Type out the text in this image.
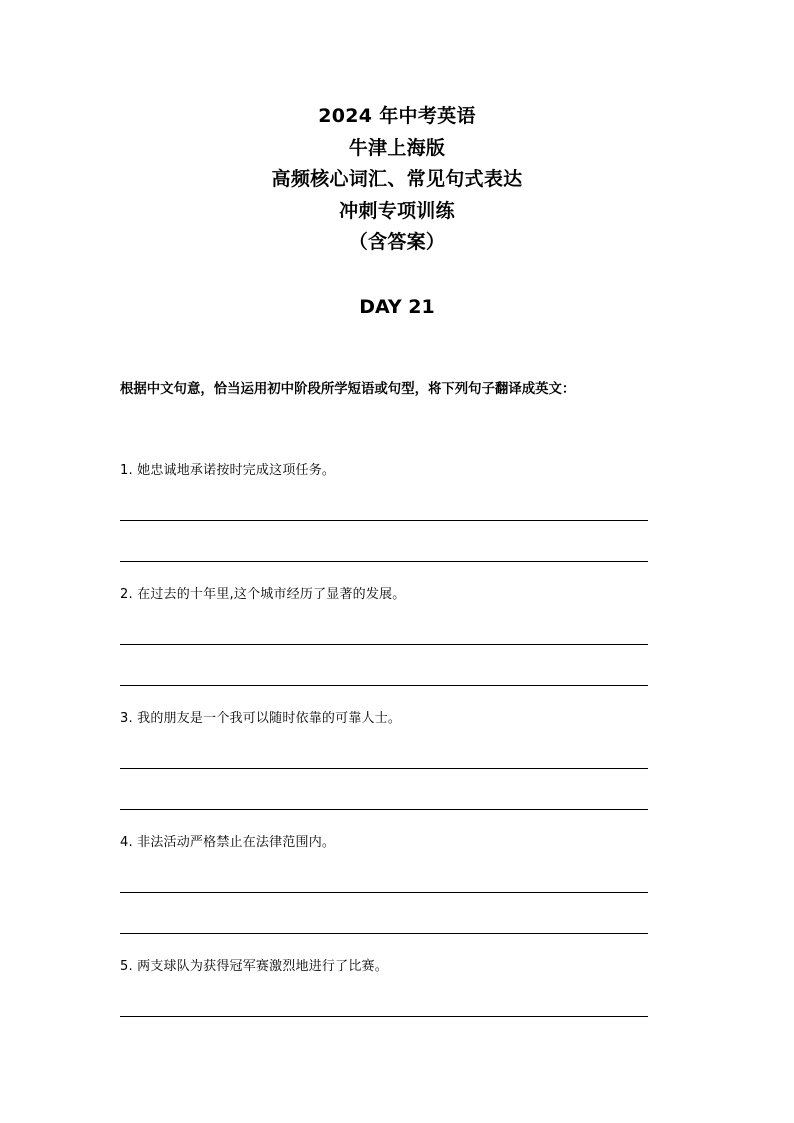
2024 年中考英语
牛津上海版
高频核心词汇、常见句式表达
冲刺专项训练
（含答案）
DAY 21
根据中文句意，恰当运用初中阶段所学短语或句型，将下列句子翻译成英文：
1. 她忠诚地承诺按时完成这项任务。
2. 在过去的十年里,这个城市经历了显著的发展。
3. 我的朋友是一个我可以随时依靠的可靠人士。
4. 非法活动严格禁止在法律范围内。
5. 两支球队为获得冠军赛激烈地进行了比赛。
